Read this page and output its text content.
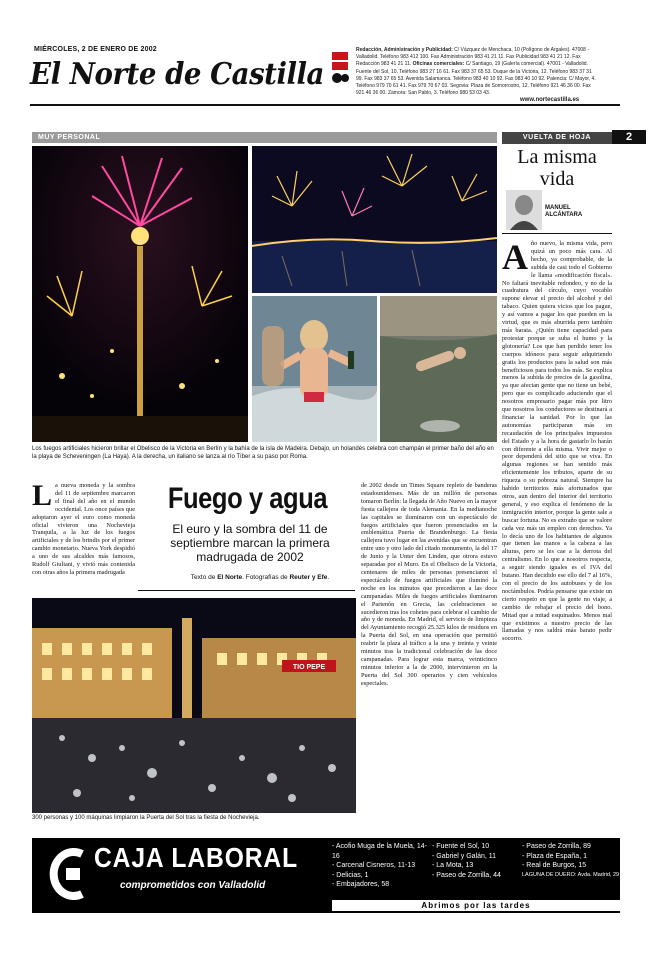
MIÉRCOLES, 2 DE ENERO DE 2002
El Norte de Castilla
Redacción, Administración y Publicidad: C/ Vázquez de Menchaca, 10 (Polígono de Argales). 47008 - Valladolid. Teléfono 983 412 100. Fax Administración 983 41 21 11. Fax Publicidad 983 41 21 12. Fax Redacción 983 41 21 11. Oficinas comerciales: C/ Santiago, 19 (Galería comercial). 47001 - Valladolid. Fuente del Sol, 10. Teléfono 983 27 16 61. Fax 983 37 65 53. Duque de la Victoria, 12. Teléfono 983 37 31 99. Fax 983 37 65 53. Avenida Salamanca. Teléfono 983 40 10 92. Fax 983 40 10 92. Palencia: C/ Mayor, 4. Teléfono 979 70 61 41. Fax 979 70 67 03. Segovia: Plaza de Somorrostro, 12. Teléfono 921 46 36 00. Fax 921 46 36 00. Zamora: San Pablo, 3. Teléfono 980 53 03 43.
www.nortecastilla.es
2
MUY PERSONAL
Los fuegos artificiales hicieron brillar el Obelisco de la Victoria en Berlín y la bahía de la isla de Madeira. Debajo, un holandés celebra con champán el primer baño del año en la playa de Scheveningen (La Haya). A la derecha, un italiano se lanza al río Tíber a su paso por Roma.
L a nueva moneda y la sombra del 11 de septiembre marcaron el final del año en el mundo occidental. Los once países que adoptaron ayer el euro como moneda oficial vivieron una Nochevieja Tranquila, a la luz de los fuegos artificiales y de los brindis por el primer cambio monetario. Nueva York despidió a uno de sus alcaldes más famosos, Rudolf Giuliani, y vivió más contenida con otras años la primera madrugada
Fuego y agua
El euro y la sombra del 11 de septiembre marcan la primera madrugada de 2002
Texto de El Norte. Fotografías de Reuter y Efe.
de 2002 desde un Times Square repleto de banderas estadounidenses. Más de un millón de personas tomaron Berlín: la llegada de Año Nuevo en la mayor fiesta callejera de toda Alemania. En la medianoche las capitales se iluminaron con un espectáculo de fuegos artificiales que fueron presenciados en la emblemática Puerta de Brandenburgo. La fiesta callejera tuvo lugar en las avenidas que se encuentran entre uno y otro lado del citado monumento, la del 17 de Junio y la Unter den Linden, que otrora estuvo separadas por el Muro. En el Obelisco de la Victoria, centenares de miles de personas presenciaron el espectáculo de fuegos artificiales que iluminó la noche en los minutos que precedieron a las doce campanadas. Miles de fuegos artificiales iluminaron el Partenón en Grecia, las celebraciones se sucedieron tras los cohetes para celebrar el cambio de año y de moneda. En Madrid, el servicio de limpieza del Ayuntamiento recogió 25.325 kilos de residuos en la Puerta del Sol, en una operación que permitió reabrir la plaza al tráfico a la una y treinta y veinte minutos tras la tradicional celebración de las doce campanadas. Para lograr esta marca, veinticinco minutos inferior a la de 2000, intervinieron en la Puerta del Sol 300 operarios y cien vehículos especiales.
TIO PEPE
300 personas y 100 máquinas limpiaron la Puerta del Sol tras la fiesta de Nochevieja.
VUELTA DE HOJA
La misma vida
MANUEL
ALCÁNTARA
A ño nuevo, la misma vida, pero quizá un poco más cara. Al hecho, ya comprobable, de la subida de casi todo el Gobierno le llama «modificación fiscal». No faltará inevitable redondeo, y no de la cuadratura del círculo, cuyo vocablo supone elevar el precio del alcohol y del tabaco. Quien quiera vicios que los pague, y así vamos a pagar los que pueden en la virtud, que es más aburrida pero también más barata. ¿Quién tiene capacidad para protestar porque se suba el humo y la glotonería? Los que han perdido tener los cuerpos idóneos para seguir adquiriendo gratis los productos para la salud son más beneficiosos para todos los más. Se explica menos la subida de precios de la gasolina, ya que afectan gente que no tiene un bebé, pero que es complicado aduciendo que el nosotros empresario pagar más por litro que nosotros los conductores se destinará a financiar la sanidad. Por lo que las autonomías participaran más en recaudación de los principales impuestos del Estado y a la hora de gastarlo lo harán con diferente a ella misma. Vivir mejor o peor dependerá del sitio que se viva. En algunas regiones se han sentido más eficientemente los tributos, aparte de su riqueza o su pobreza natural. Siempre ha habido territorios más afortunados que otros, aun dentro del interior del territorio general, y eso explica el fenómeno de la inmigración interior, porque la gente sale a buscar fortuna. No es extraño que se valore cada vez más un empleo con derechos. Ya lo decía uno de los habitantes de algunos que tienen las manos a la cabeza a las alturas, pero se les cae a la derrota del centralismo. En lo que a nosotros respecta, a seguir siendo iguales es el IVA del butano. Han decidido ese ello del 7 al 16%, con el precio de los autobuses y de los noctámbulos. Podría pensarse que existe un cierto respeto en que la gente no viaje, a cambio de rebajar el precio del bono. Mitad que a mitad esquinados. Menos mal que existimos a nuestro precio de las llamadas y nos saldrá más barato pedir socorro.
CAJA LABORAL
comprometidos con Valladolid
- Acofio Muga de la Muela, 14-16
- Carcenal Cisneros, 11-13
- Delicias, 1
- Embajadores, 58
- Fuente el Sol, 10
- Gabriel y Galán, 11
- La Mota, 13
- Paseo de Zorrilla, 44
- Paseo de Zorrilla, 89
- Plaza de España, 1
- Real de Burgos, 15
LAGUNA DE DUERO: Avda. Madrid, 29
Abrimos por las tardes
